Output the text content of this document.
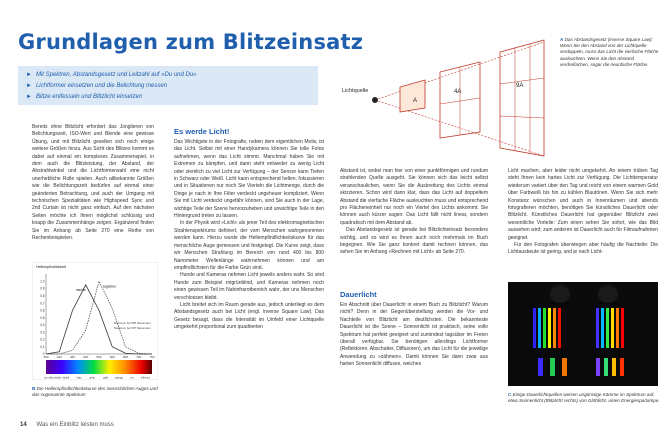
Grundlagen zum Blitzeinsatz
► Mit Spektren, Abstandsgesetz und Leitzahl auf »Du und Du«
► Lichtformer einsetzen und die Belichtung messen
► Blitze entfesseln und Blitzlicht einsetzen
Lichtquelle
A
4A
9A
A Das Abstandsgesetz (inverse Square Law): Wenn Sie den Abstand von der Lichtquelle verdoppeln, muss das Licht die vierfache Fläche ausleuchten. Wenn Sie den Abstand verdreifachen, sogar die neunfache Fläche.

Bereits ohne Blitzlicht erfordert das Jonglieren von Belichtungszeit, ISO-Wert und Blende eine gewisse Übung, und mit Blitzlicht gesellen sich noch einige weitere Größen hinzu. Aus Sicht des Blitzes kommt es dabei auf einmal ein komplexes Zusammenspiel, in dem auch die Blitzleistung, der Abstand, der Abstrahlwinkel und die Lichtformerwahl eine nicht unerhebliche Rolle spielen. Auch altbekannte Größen wie die Belichtungszeit bedürfen auf einmal einer geänderten Betrachtung, und auch der Umgang mit technischen Spezialitäten wie Highspeed Sync und 2nd Curtain ist nicht ganz einfach. Auf den nächsten Seiten möchte ich Ihnen möglichst schlüssig und knapp die Zusammenhänge zeigen. Ergänzend finden Sie im Anhang ab Seite 270 eine Reihe von Rechenbeispielen.

Hellempfindlichkeit
1,0
0,9
0,8
0,7
0,6
0,5
0,4
0,3
0,2
0,1
0
350	400	450	500	550	600	650	700	750
nachts
tagsüber
Maximum bei 555 Nanometer
Maximum bei 507 Nanometer
nm ultra-violett violett	blau	grün	gelb	orange	rot	infra-rot
B Die Hellempfindlichkeitskurve des menschlichen Auges und das sogenannte Spektrum
Es werde Licht!

Das Wichtigste in der Fotografie, neben dem eigentlichen Motiv, ist das Licht. Selbst mit einer Handykamera können Sie tolle Fotos aufnehmen, wenn das Licht stimmt. Manchmal haben Sie mit Extremen zu kämpfen, und dann steht entweder zu wenig Licht oder ziemlich zu viel Licht zur Verfügung – der Sensor kann Tiefen in Schwarz oder Weiß. Licht kann entsprechend hellen, fokussieren und in Situationen nur noch Sie Vierteln die Lichtmenge, durch die Dinge je nach in Ihre Filter verdeckt ungeheuer kompliziert. Wenn Sie mit Licht verdeckt ungefähr können, sind Sie auch in der Lage, wichtige Teile der Szene hervorzuheben und unwichtige Teile in den Hintergrund treten zu lassen.

In der Physik wird »Licht« als jener Teil des elektromagnetischen Strahlenspektrums definiert, der vom Menschen wahrgenommen werden kann. Hierzu wurde die Hellempfindlichkeitskurve für das menschliche Auge gemessen und festgelegt. Die Kurve zeigt, dass wir Menschen Strahlung im Bereich von rund 400 bis 800 Nanometer Wellenlänge wahrnehmen können und am empfindlichsten für die Farbe Grün sind.

Hunde und Kameras nehmen Licht jeweils anders wahr. So sind Hunde zum Beispiel rotgrünblind, und Kameras nehmen noch einen gewissen Teil im Nahinfrarotbereich wahr, der uns Menschen verschlossen bleibt.

Licht breitet sich im Raum gerade aus, jedoch unterliegt es dem Abstandsgesetz auch bei Licht (engl. inverse Square Law). Das Gesetz besagt, dass die Intensität im Umfeld einer Lichtquelle umgekehrt proportional zum quadrierten

Abstand ist, wobei man hier von einer punktförmigen und rundum strahlenden Quelle ausgeht. Sie können sich das leicht selbst veranschaulichen, wenn Sie die Ausbreitung des Lichts einmal skizzieren. Schon wird dann klar, dass das Licht auf doppeltem Abstand die vierfache Fläche ausleuchten muss und entsprechend pro Flächeneinheit nur noch ein Viertel des Lichts ankommt. Sie können auch kürzer sagen: Das Licht fällt nicht linear, sondern quadratisch mit dem Abstand ab.

Das Abstandsgesetz ist gerade bei Blitzlichteinsatz besonders wichtig, und so wird es Ihnen auch noch mehrmals im Buch begegnen. Wie Sie ganz konkret damit rechnen können, das sehen Sie im Anhang »Rechnen mit Licht« ab Seite 270.

Dauerlicht

Ein Abschnitt über Dauerlicht in einem Buch zu Blitzlicht? Warum nicht? Denn in der Gegenüberstellung werden die Vor- und Nachteile von Blitzlicht am deutlichsten. Die bekannteste Dauerlicht ist die Sonne – Sonnenlicht ist praktisch, seine volle Spektrum hat perfekt geeignet und zumindest tagsüber im Freien überall verfügbar. Sie benötigen allerdings Lichtformer (Reflektoren, Abschatter, Diffusoren), um das Licht für die jeweilige Anwendung zu »zähmen«. Damit können Sie dann zwar aus harten Sonnenlicht diffuses, weiches

Licht machen, aber leider nicht umgekehrt. An einem trüben Tag steht Ihnen kein hartes Licht zur Verfügung. Die Lichttemperatur wiederum variiert über den Tag und reicht von einem warmen Gold über Farbweiß bis hin zu kühlen Blautönen. Wenn Sie sich mehr Konstanz wünschen und auch in Innenräumen und abends fotografieren möchten, benötigen Sie künstliches Dauerlicht oder Blitzlicht. Künstliches Dauerlicht hat gegenüber Blitzlicht zwei wesentliche Vorteile: Zum einen sehen Sie sofort, wie das Bild aussehen wird; zum anderen ist Dauerlicht auch für Filmaufnahmen geeignet.

Für den Fotografen überwiegen aber häufig die Nachteile: Die Lichtausbeute ist gering, und je nach Licht-

C Einige Dauerlichtquellen weisen ungünstige Kämme im Spektrum auf, etwa Sonnenlicht (Blitzlicht rechts) von Glühlicht, unten Energiesparlampe.
14 Was ein Einblitz leisten muss
